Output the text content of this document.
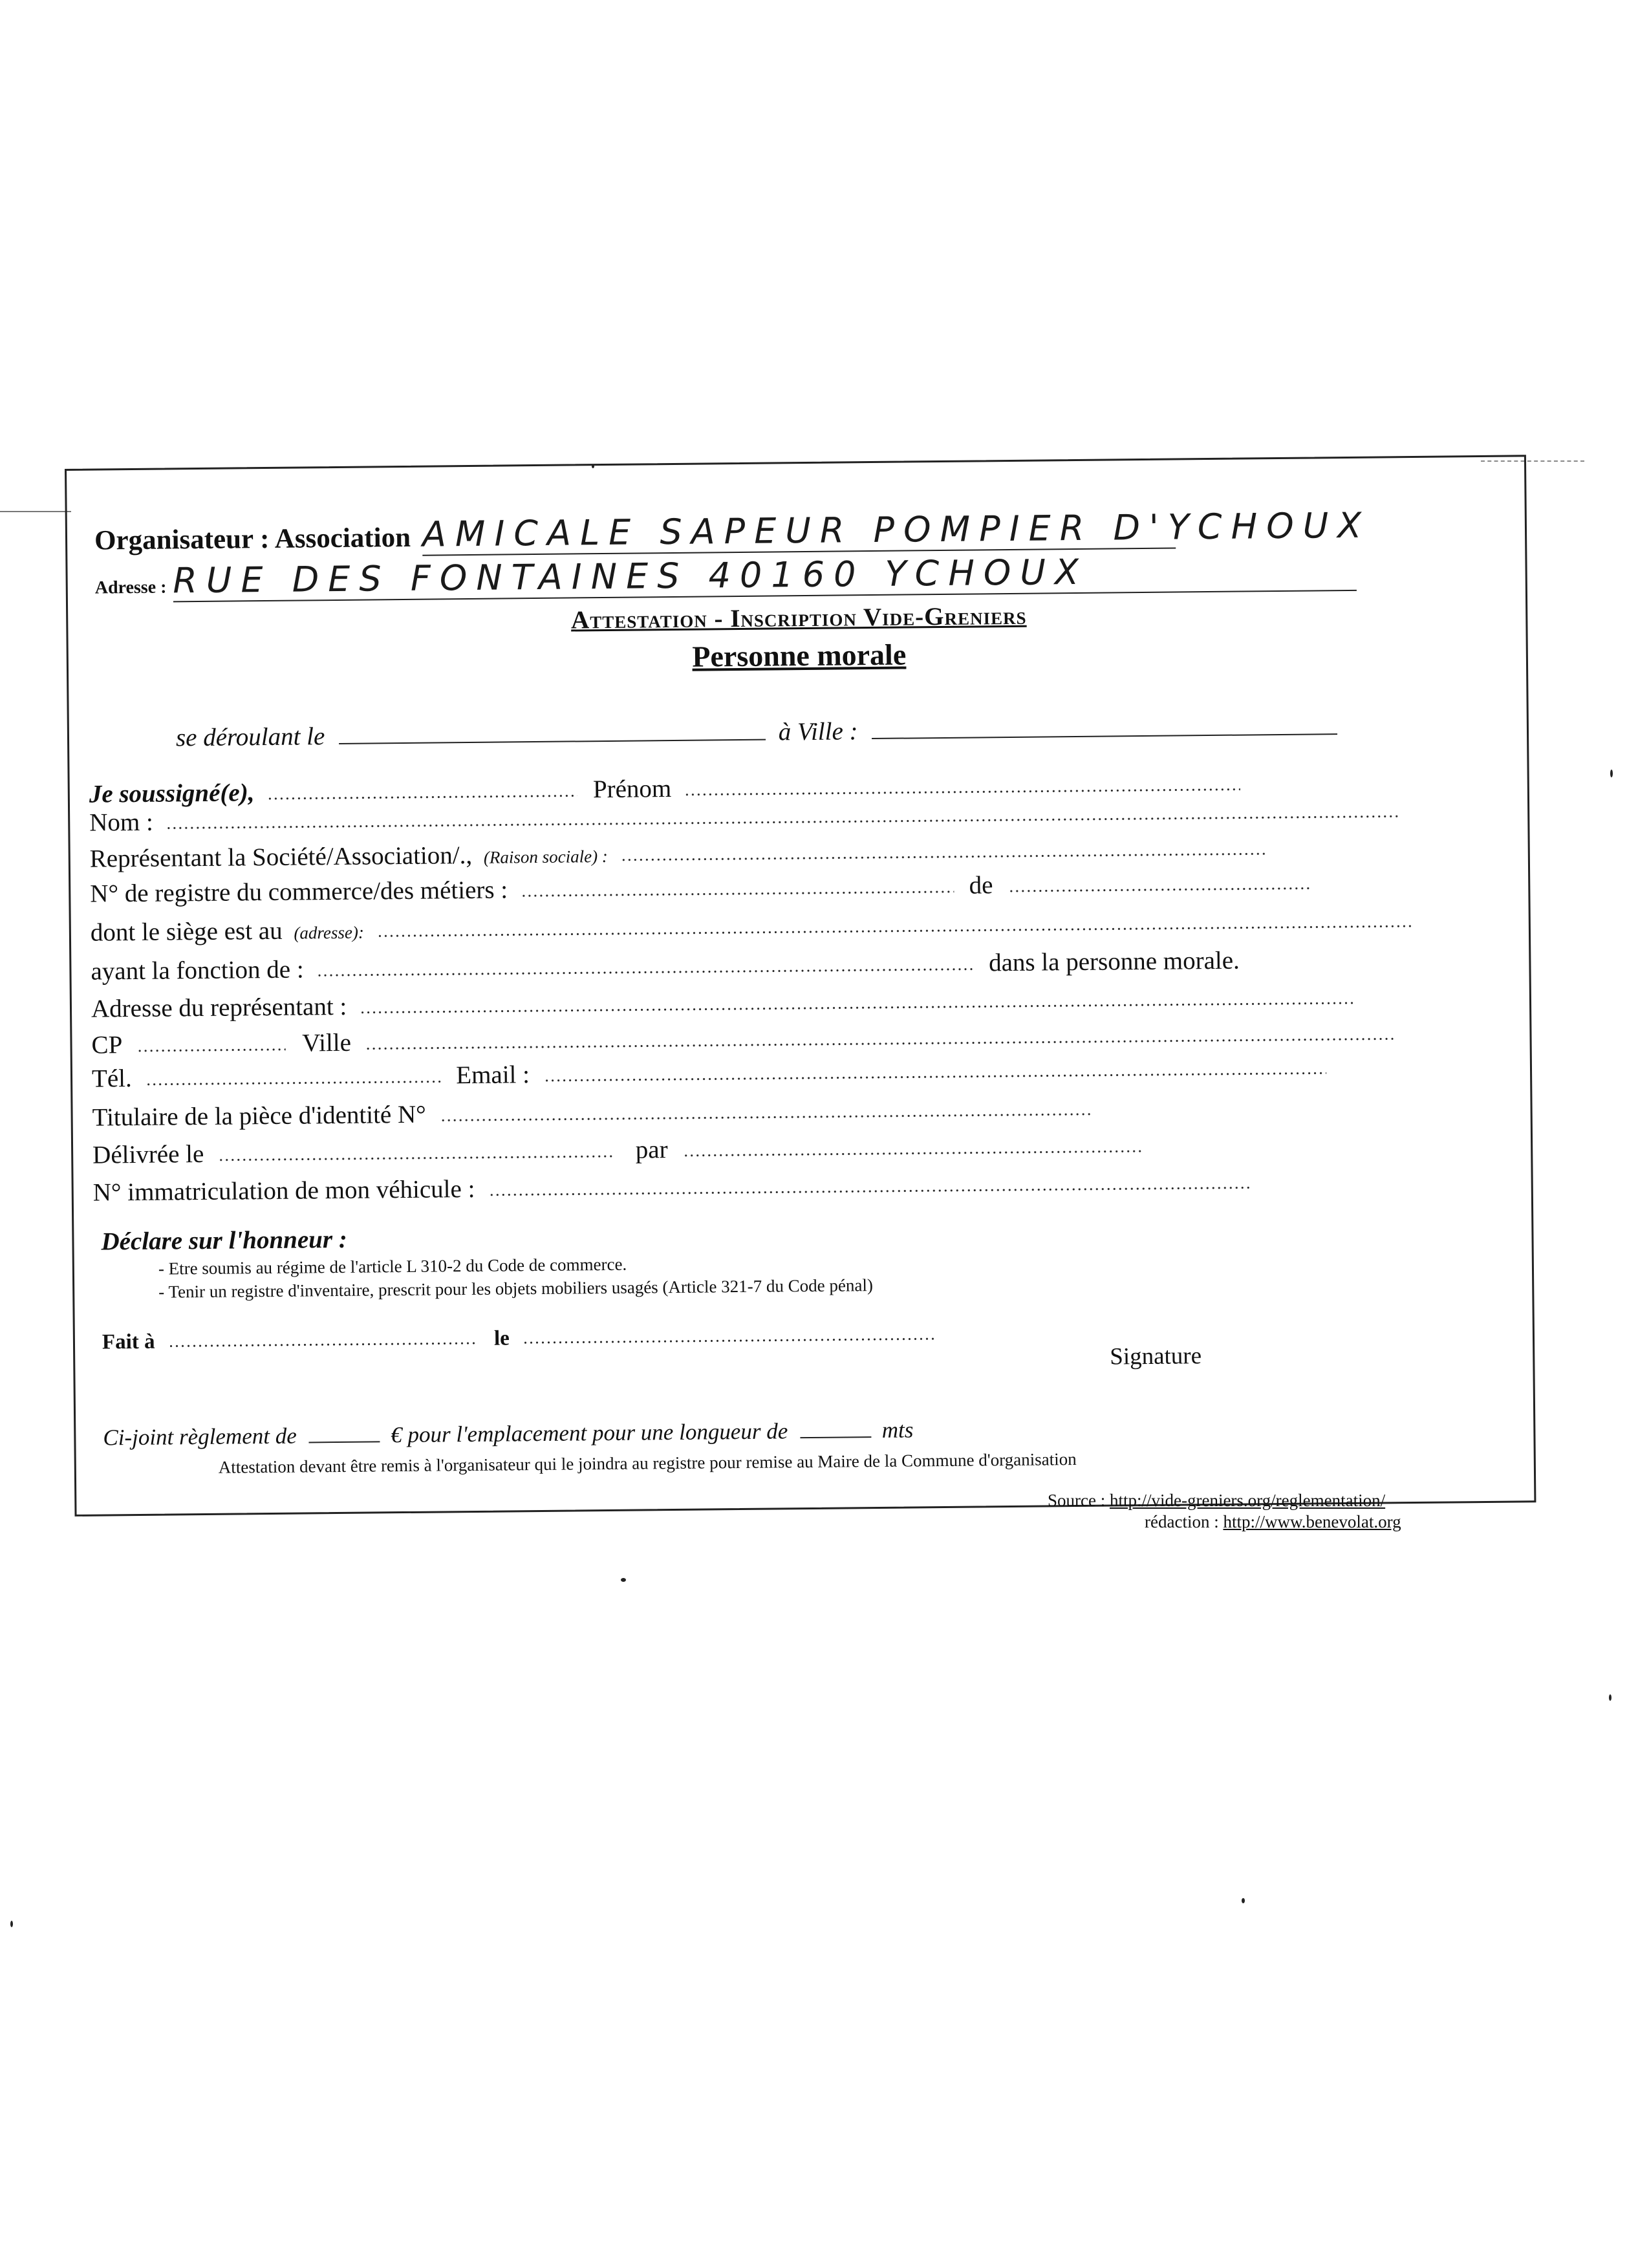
Organisateur : Association AMICALE SAPEUR POMPIER D'YCHOUX
Adresse : RUE DES FONTAINES 40160 YCHOUX
Attestation - Inscription Vide-Greniers
Personne morale
se déroulant le	à Ville :
Je soussigné(e),	Prénom
Nom :
Représentant la Société/Association/., (Raison sociale) :
N° de registre du commerce/des métiers :	de
dont le siège est au (adresse):
ayant la fonction de :	dans la personne morale.
Adresse du représentant :
CP	Ville
Tél.	Email :
Titulaire de la pièce d'identité N°
Délivrée le	par
N° immatriculation de mon véhicule :
Déclare sur l'honneur :
- Etre soumis au régime de l'article L 310-2 du Code de commerce.
- Tenir un registre d'inventaire, prescrit pour les objets mobiliers usagés (Article 321-7 du Code pénal)
Fait à	le
Signature
Ci-joint règlement de	€ pour l'emplacement pour une longueur de	mts
Attestation devant être remis à l'organisateur qui le joindra au registre pour remise au Maire de la Commune d'organisation
Source : http://vide-greniers.org/reglementation/
rédaction : http://www.benevolat.org
